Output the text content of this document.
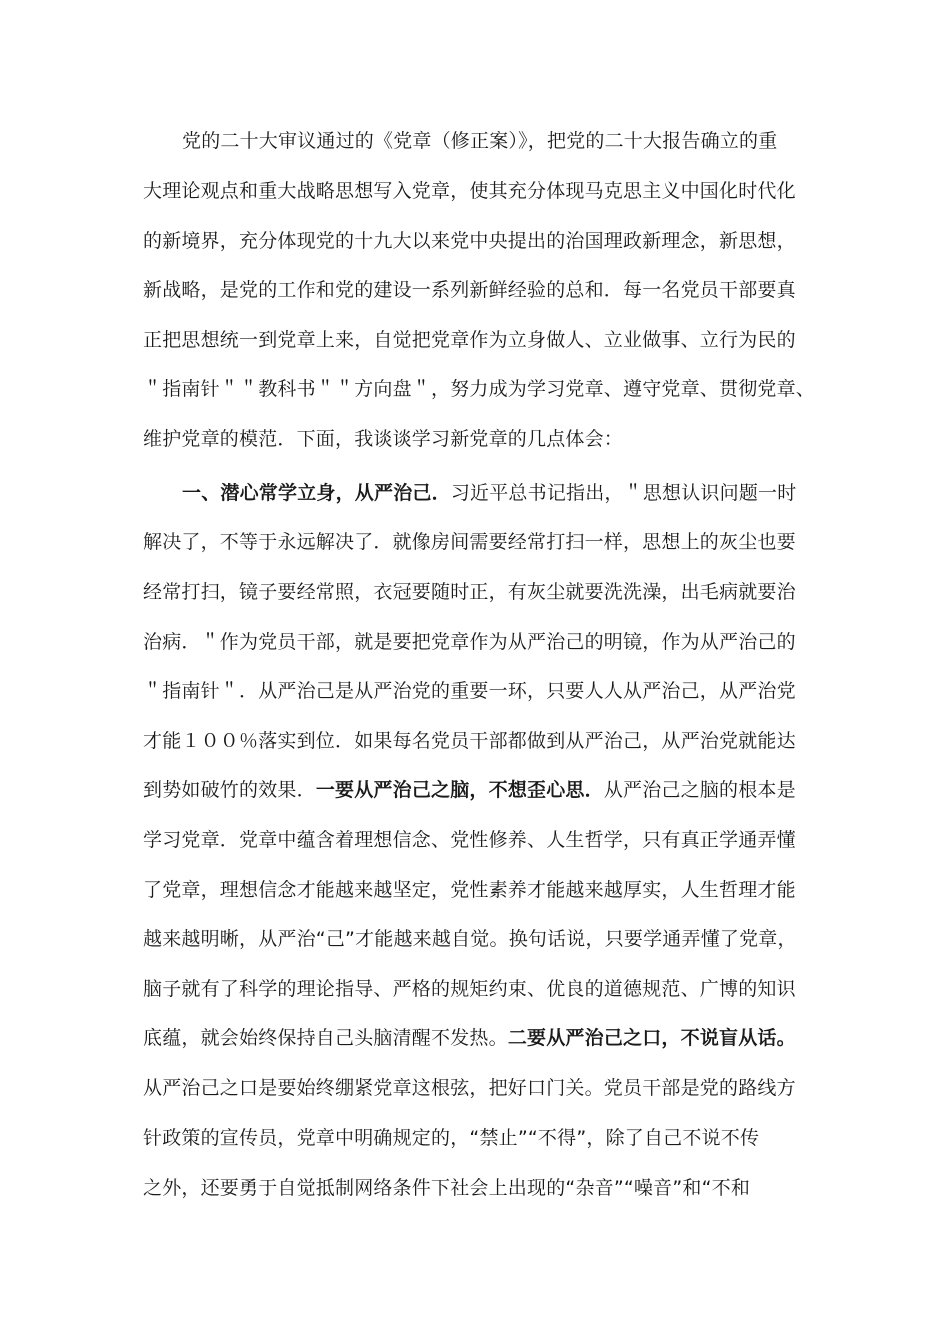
党的二十大审议通过的《党章（修正案）》，把党的二十大报告确立的重
大理论观点和重大战略思想写入党章，使其充分体现马克思主义中国化时代化
的新境界，充分体现党的十九大以来党中央提出的治国理政新理念，新思想，
新战略，是党的工作和党的建设一系列新鲜经验的总和．每一名党员干部要真
正把思想统一到党章上来，自觉把党章作为立身做人、立业做事、立行为民的
＂指南针＂＂教科书＂＂方向盘＂，努力成为学习党章、遵守党章、贯彻党章、
维护党章的模范．下面，我谈谈学习新党章的几点体会：
一、潜心常学立身，从严治己．习近平总书记指出，＂思想认识问题一时
解决了，不等于永远解决了．就像房间需要经常打扫一样，思想上的灰尘也要
经常打扫，镜子要经常照，衣冠要随时正，有灰尘就要洗洗澡，出毛病就要治
治病．＂作为党员干部，就是要把党章作为从严治己的明镜，作为从严治己的
＂指南针＂．从严治己是从严治党的重要一环，只要人人从严治己，从严治党
才能１００％落实到位．如果每名党员干部都做到从严治己，从严治党就能达
到势如破竹的效果．一要从严治己之脑，不想歪心思．从严治己之脑的根本是
学习党章．党章中蕴含着理想信念、党性修养、人生哲学，只有真正学通弄懂
了党章，理想信念才能越来越坚定，党性素养才能越来越厚实，人生哲理才能
越来越明晰，从严治“己”才能越来越自觉。换句话说，只要学通弄懂了党章，
脑子就有了科学的理论指导、严格的规矩约束、优良的道德规范、广博的知识
底蕴，就会始终保持自己头脑清醒不发热。二要从严治己之口，不说盲从话。
从严治己之口是要始终绷紧党章这根弦，把好口门关。党员干部是党的路线方
针政策的宣传员，党章中明确规定的，“禁止”“不得”，除了自己不说不传
之外，还要勇于自觉抵制网络条件下社会上出现的“杂音”“噪音”和“不和
